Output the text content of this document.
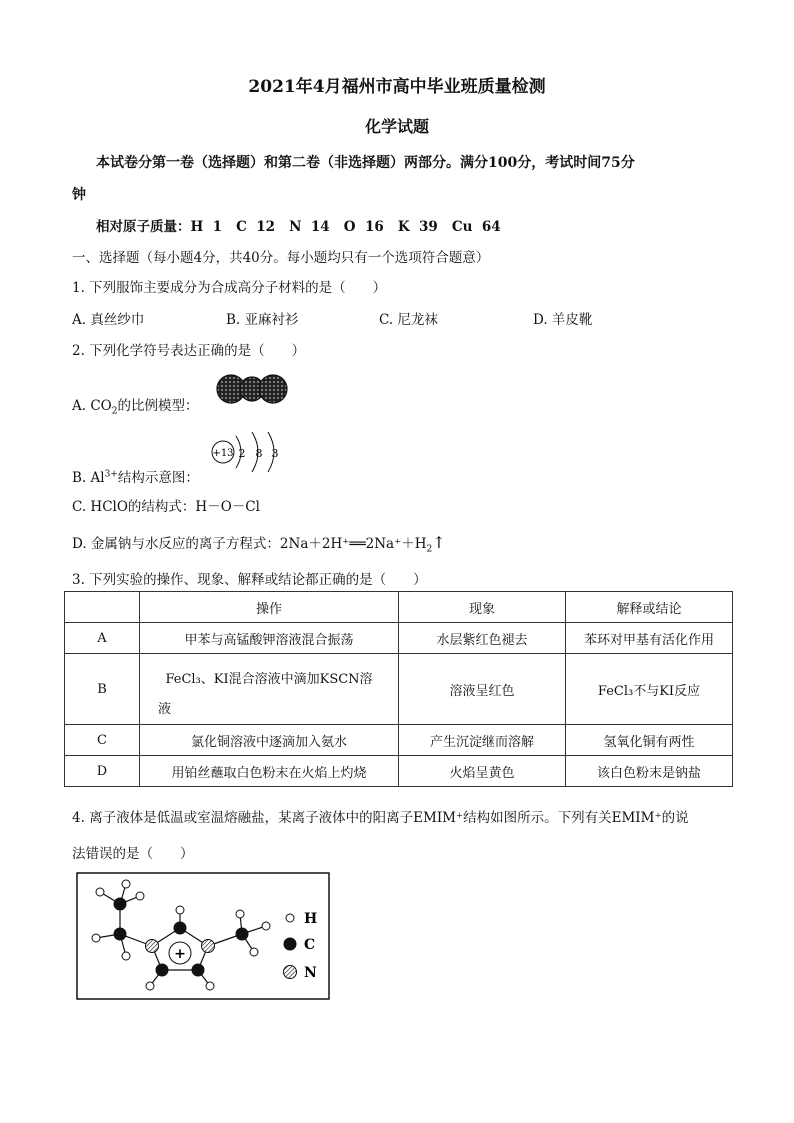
2021年4月福州市高中毕业班质量检测
化学试题
本试卷分第一卷（选择题）和第二卷（非选择题）两部分。满分100分，考试时间75分
钟
相对原子质量：H  1   C  12   N  14   O  16   K  39   Cu  64
一、选择题（每小题4分，共40分。每小题均只有一个选项符合题意）
1. 下列服饰主要成分为合成高分子材料的是（　　）
A. 真丝纱巾	B. 亚麻衬衫	C. 尼龙袜	D. 羊皮靴
2. 下列化学符号表达正确的是（　　）
A. $CO_2$的比例模型：
+13 2 8 3
B. $Al^{3+}$结构示意图：
C. HClO的结构式：H－O－Cl
D. 金属钠与水反应的离子方程式：$2Na+2H^+══2Na^++H_2↑$
3. 下列实验的操作、现象、解释或结论都正确的是（　　）
	操作	现象	解释或结论
A	甲苯与高锰酸钾溶液混合振荡	水层紫红色褪去	苯环对甲基有活化作用
B	FeCl₃、KI混合溶液中滴加KSCN溶
液	溶液呈红色	FeCl₃不与KI反应
C	氯化铜溶液中逐滴加入氨水	产生沉淀继而溶解	氢氧化铜有两性
D	用铂丝蘸取白色粉末在火焰上灼烧	火焰呈黄色	该白色粉末是钠盐
4. 离子液体是低温或室温熔融盐，某离子液体中的阳离子EMIM⁺结构如图所示。下列有关EMIM⁺的说
法错误的是（　　）
+
H
C
N
